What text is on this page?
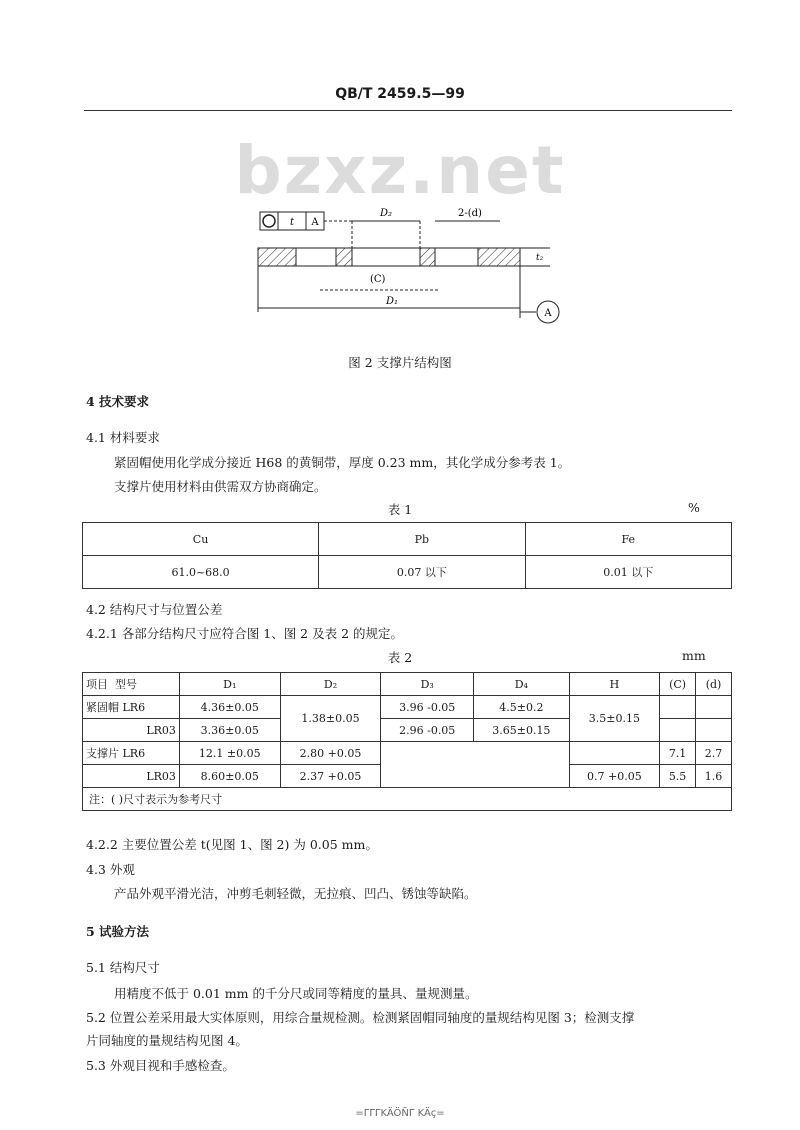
QB/T 2459.5—99
bzxz.net
t A
D₂	2-(d)
t₂
(C)
D₁
A
图 2 支撑片结构图
4 技术要求
4.1 材料要求
紧固帽使用化学成分接近 H68 的黄铜带，厚度 0.23 mm，其化学成分参考表 1。
支撑片使用材料由供需双方协商确定。
表 1	%
Cu	Pb	Fe
61.0~68.0	0.07 以下	0.01 以下
4.2 结构尺寸与位置公差
4.2.1 各部分结构尺寸应符合图 1、图 2 及表 2 的规定。
表 2	mm
项目 型号	D₁	D₂	D₃	D₄	H	(C)	(d)
紧固帽 LR6	4.36±0.05	1.38±0.05	3.96 -0.05	4.5±0.2	3.5±0.15		
LR03	3.36±0.05		2.96 -0.05	3.65±0.15			
支撑片 LR6	12.1 ±0.05	2.80 +0.05				7.1	2.7
LR03	8.60±0.05	2.37 +0.05			0.7 +0.05	5.5	1.6
注：( )尺寸表示为参考尺寸							
4.2.2 主要位置公差 t(见图 1、图 2) 为 0.05 mm。
4.3 外观
产品外观平滑光洁，冲剪毛刺轻微，无拉痕、凹凸、锈蚀等缺陷。
5 试验方法
5.1 结构尺寸
用精度不低于 0.01 mm 的千分尺或同等精度的量具、量规测量。
5.2 位置公差采用最大实体原则，用综合量规检测。检测紧固帽同轴度的量规结构见图 3；检测支撑
片同轴度的量规结构见图 4。
5.3 外观目视和手感检查。
=ΓΓΓKÄÖÑΓ KÄç=
